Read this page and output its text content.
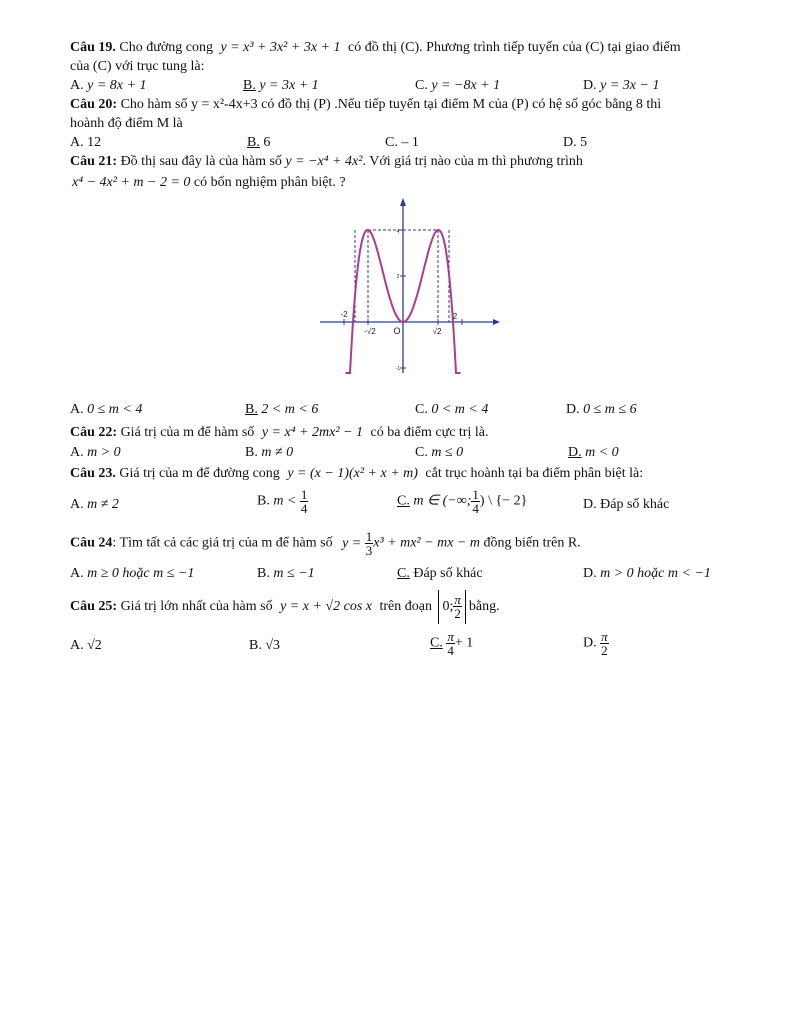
Câu 19. Cho đường cong y = x³ + 3x² + 3x + 1 có đồ thị (C). Phương trình tiếp tuyến của (C) tại giao điểm
của (C) với trục tung là:
A. y = 8x + 1	B. y = 3x + 1	C. y = −8x + 1	D. y = 3x − 1
Câu 20: Cho hàm số y = x²-4x+3 có đồ thị (P) .Nếu tiếp tuyến tại điểm M của (P) có hệ số góc bằng 8 thì
hoành độ điểm M là
A. 12	B. 6	C. – 1	D. 5
Câu 21: Đồ thị sau đây là của hàm số y = −x⁴ + 4x². Với giá trị nào của m thì phương trình
x⁴ − 4x² + m − 2 = 0 có bốn nghiệm phân biệt. ?
-2
-√2 O	√2
2
4
2
-1
A. 0 ≤ m < 4	B. 2 < m < 6	C. 0 < m < 4	D. 0 ≤ m ≤ 6
Câu 22: Giá trị của m để hàm số y = x⁴ + 2mx² − 1 có ba điểm cực trị là.
A. m > 0	B. m ≠ 0	C. m ≤ 0	D. m < 0
Câu 23. Giá trị của m để đường cong y = (x − 1)(x² + x + m) cắt trục hoành tại ba điểm phân biệt là:
A. m ≠ 2	B. $m < \frac{1}{4}$	C. m ∈ (−∞; $\frac{1}{4}$ ) \ {− 2}	D. Đáp số khác
Câu 24: Tìm tất cả các giá trị của m để hàm số $y = \frac{1}{3} x^3 + mx^2$ − mx − m đồng biến trên R.
A. m ≥ 0 hoặc m ≤ −1	B. m ≤ −1	C. Đáp số khác	D. m > 0 hoặc m < −1
Câu 25: Giá trị lớn nhất của hàm số y = x + √2 cos x trên đoạn 0; $\frac{\pi}{2}$ bằng.
A. √2	B. √3	C. $\frac{\pi}{4} + 1$	D. $\frac{\pi}{2}$
